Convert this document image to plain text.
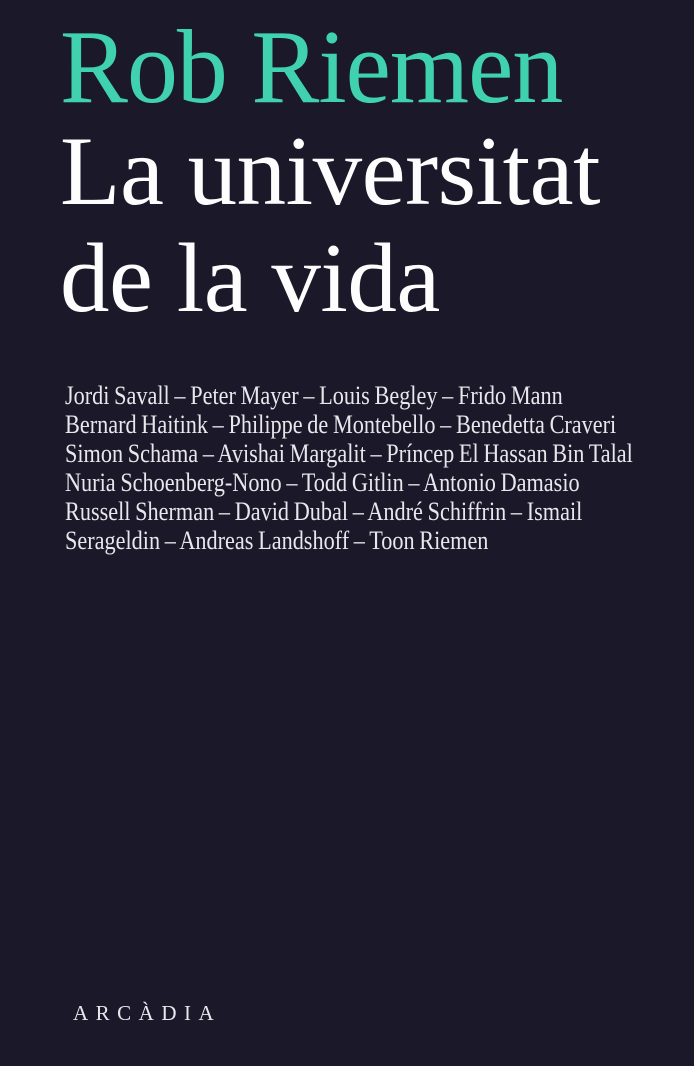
Rob Riemen
La universitat
de la vida
Jordi Savall – Peter Mayer – Louis Begley – Frido Mann
Bernard Haitink – Philippe de Montebello – Benedetta Craveri
Simon Schama – Avishai Margalit – Príncep El Hassan Bin Talal
Nuria Schoenberg-Nono – Todd Gitlin – Antonio Damasio
Russell Sherman – David Dubal – André Schiffrin – Ismail
Serageldin – Andreas Landshoff – Toon Riemen
ARCÀDIA
